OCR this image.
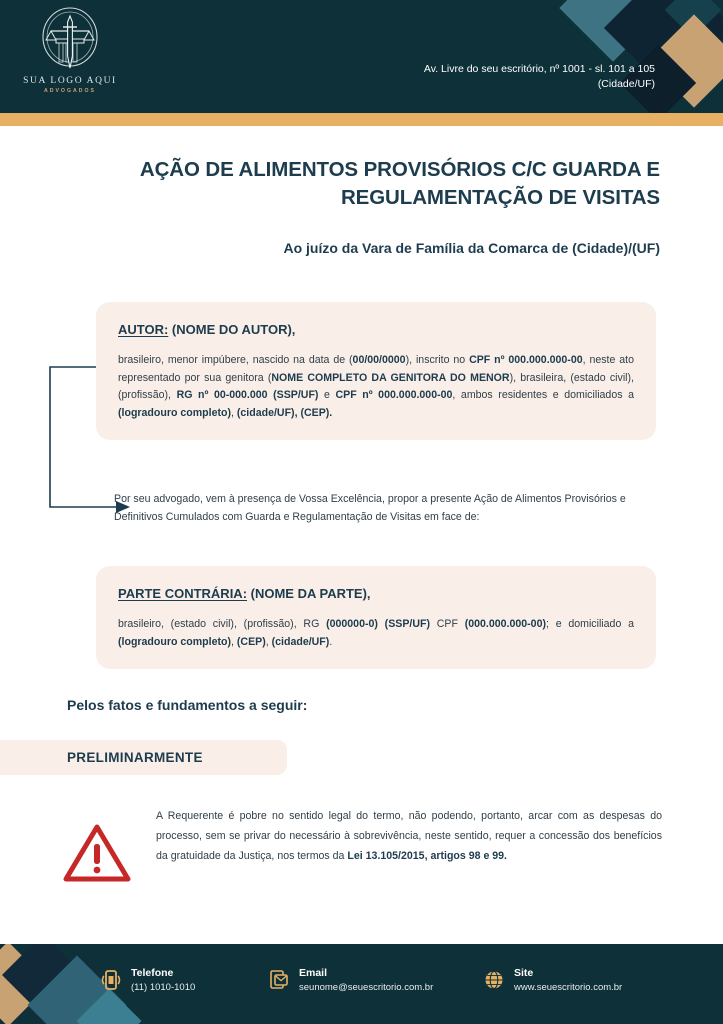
SUA LOGO AQUI
ADVOGADOS
Av. Livre do seu escritório, nº 1001 - sl. 101 a 105
(Cidade/UF)
AÇÃO DE ALIMENTOS PROVISÓRIOS C/C GUARDA E REGULAMENTAÇÃO DE VISITAS
Ao juízo da Vara de Família da Comarca de (Cidade)/(UF)
AUTOR: (NOME DO AUTOR),
brasileiro, menor impúbere, nascido na data de (00/00/0000), inscrito no CPF nº 000.000.000-00, neste ato representado por sua genitora (NOME COMPLETO DA GENITORA DO MENOR), brasileira, (estado civil), (profissão), RG nº 00-000.000 (SSP/UF) e CPF nº 000.000.000-00, ambos residentes e domiciliados a (logradouro completo), (cidade/UF), (CEP).
Por seu advogado, vem à presença de Vossa Excelência, propor a presente Ação de Alimentos Provisórios e Definitivos Cumulados com Guarda e Regulamentação de Visitas em face de:
PARTE CONTRÁRIA: (NOME DA PARTE),
brasileiro, (estado civil), (profissão), RG (000000-0) (SSP/UF) CPF (000.000.000-00); e domiciliado a (logradouro completo), (CEP), (cidade/UF).
Pelos fatos e fundamentos a seguir:
PRELIMINARMENTE
A Requerente é pobre no sentido legal do termo, não podendo, portanto, arcar com as despesas do processo, sem se privar do necessário à sobrevivência, neste sentido, requer a concessão dos benefícios da gratuidade da Justiça, nos termos da Lei 13.105/2015, artigos 98 e 99.
Telefone
(11) 1010-1010
Email
seunome@seuescritorio.com.br
Site
www.seuescritorio.com.br
